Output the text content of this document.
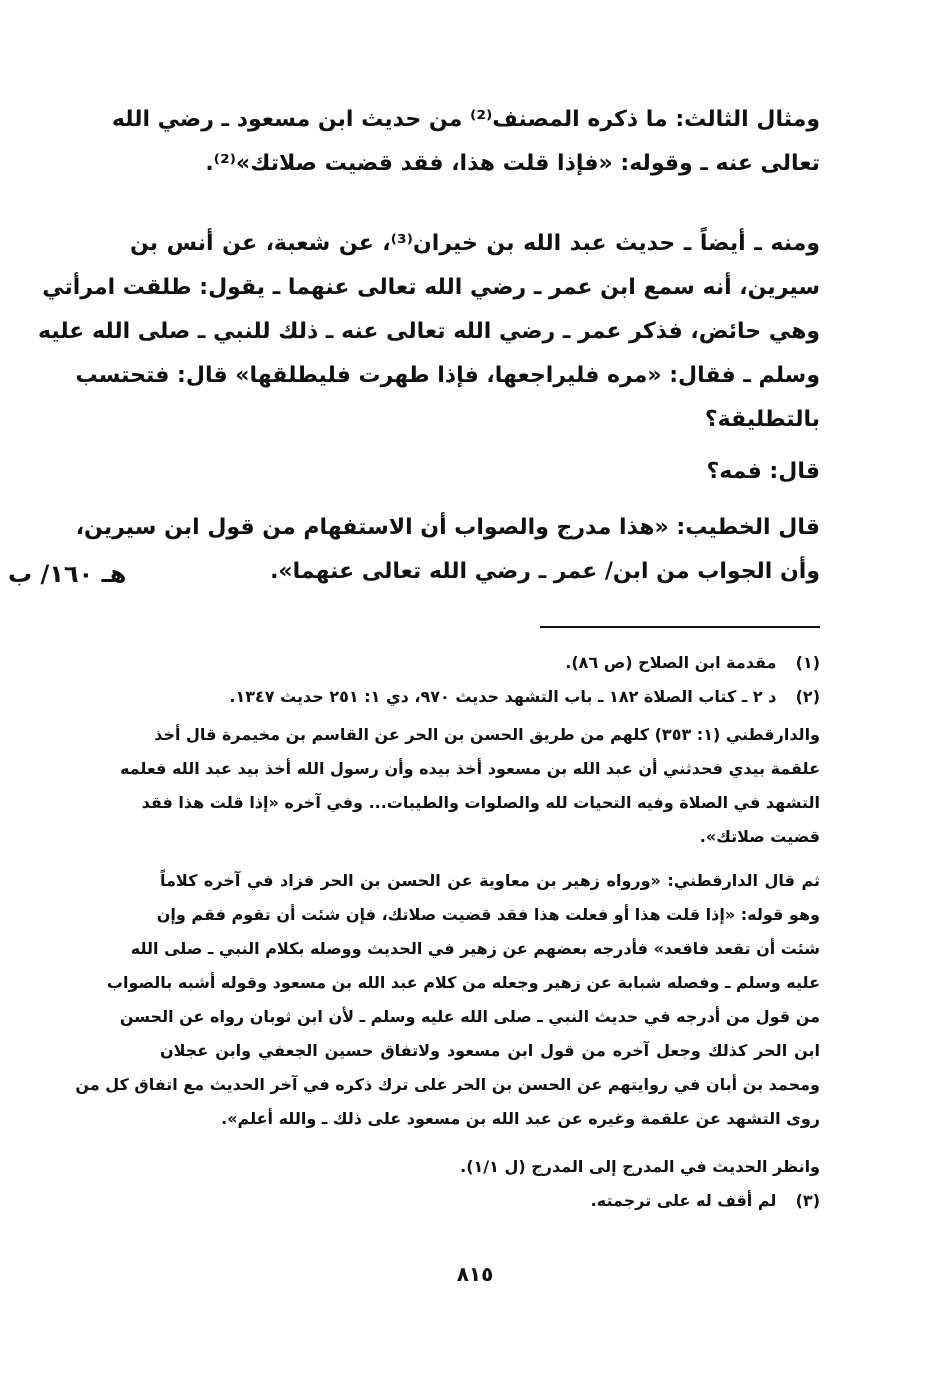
ومثال الثالث: ما ذكره المصنف⁽²⁾ من حديث ابن مسعود ـ رضي الله
تعالى عنه ـ وقوله: «فإذا قلت هذا، فقد قضيت صلاتك»⁽²⁾.
ومنه ـ أيضاً ـ حديث عبد الله بن خيران⁽³⁾، عن شعبة، عن أنس بن
سيرين، أنه سمع ابن عمر ـ رضي الله تعالى عنهما ـ يقول: طلقت امرأتي
وهي حائض، فذكر عمر ـ رضي الله تعالى عنه ـ ذلك للنبي ـ صلى الله عليه
وسلم ـ فقال: «مره فليراجعها، فإذا طهرت فليطلقها» قال: فتحتسب
بالتطليقة؟
قال: فمه؟
قال الخطيب: «هذا مدرج والصواب أن الاستفهام من قول ابن سيرين،
وأن الجواب من ابن/ عمر ـ رضي الله تعالى عنهما».
هـ ١٦٠/ ب
(١) مقدمة ابن الصلاح (ص ٨٦).
(٢) د ٢ ـ كتاب الصلاة ١٨٢ ـ باب التشهد حديث ٩٧٠، دي ١: ٢٥١ حديث ١٣٤٧.
والدارقطني (١: ٣٥٣) كلهم من طريق الحسن بن الحر عن القاسم بن مخيمرة قال أخذ
علقمة بيدي فحدثني أن عبد الله بن مسعود أخذ بيده وأن رسول الله أخذ بيد عبد الله فعلمه
التشهد في الصلاة وفيه التحيات لله والصلوات والطيبات... وفي آخره «إذا قلت هذا فقد
قضيت صلاتك».
ثم قال الدارقطني: «ورواه زهير بن معاوية عن الحسن بن الحر فزاد في آخره كلاماً
وهو قوله: «إذا قلت هذا أو فعلت هذا فقد قضيت صلاتك، فإن شئت أن تقوم فقم وإن
شئت أن تقعد فاقعد» فأدرجه بعضهم عن زهير في الحديث ووصله بكلام النبي ـ صلى الله
عليه وسلم ـ وفصله شبابة عن زهير وجعله من كلام عبد الله بن مسعود وقوله أشبه بالصواب
من قول من أدرجه في حديث النبي ـ صلى الله عليه وسلم ـ لأن ابن ثوبان رواه عن الحسن
ابن الحر كذلك وجعل آخره من قول ابن مسعود ولاتفاق حسين الجعفي وابن عجلان
ومحمد بن أبان في روايتهم عن الحسن بن الحر على ترك ذكره في آخر الحديث مع اتفاق كل من
روى التشهد عن علقمة وغيره عن عبد الله بن مسعود على ذلك ـ والله أعلم».
وانظر الحديث في المدرج إلى المدرج (ل ١/١).
(٣) لم أقف له على ترجمته.
٨١٥
